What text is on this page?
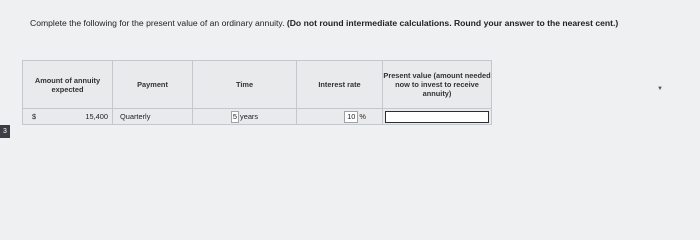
Complete the following for the present value of an ordinary annuity. (Do not round intermediate calculations. Round your answer to the nearest cent.)
Amount of annuity expected	Payment	Time	Interest rate	Present value (amount needed now to invest to receive annuity)

$ 15,400	Quarterly	5 years	10 %	

▼
3
